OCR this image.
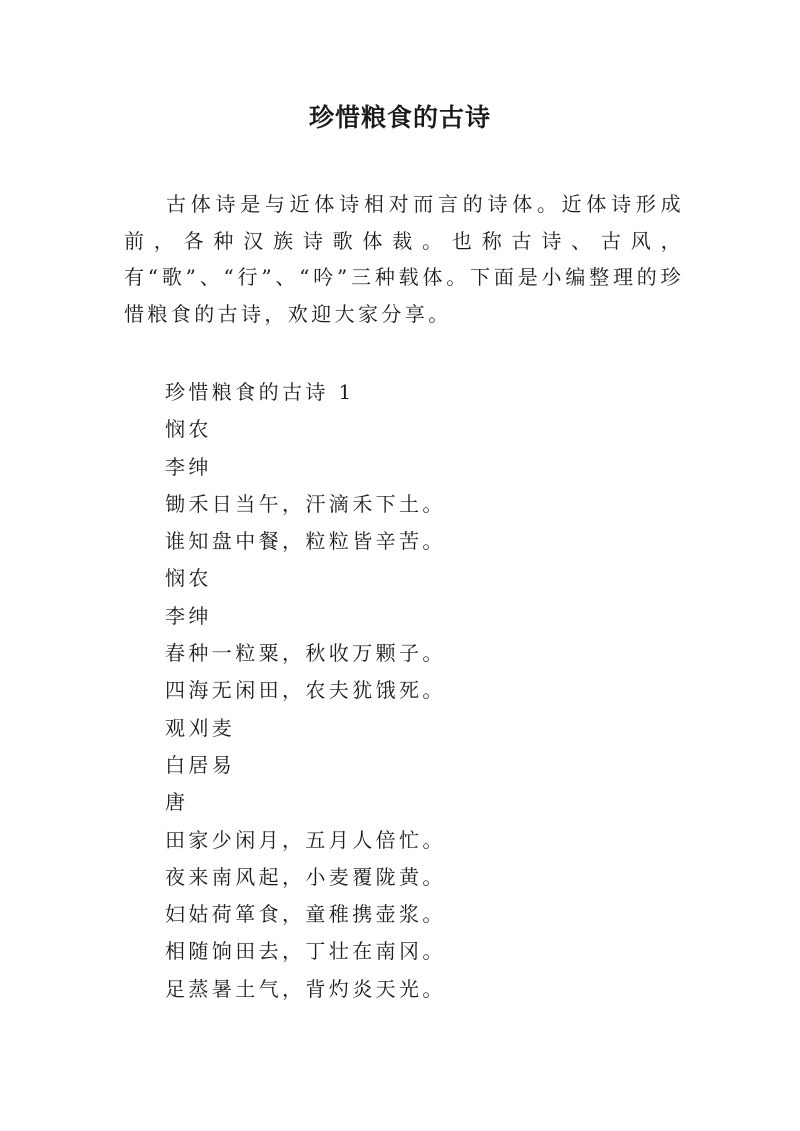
珍惜粮食的古诗

古体诗是与近体诗相对而言的诗体。近体诗形成前，各种汉族诗歌体裁。也称古诗、古风，有“歌”、“行”、“吟”三种载体。下面是小编整理的珍惜粮食的古诗，欢迎大家分享。

珍惜粮食的古诗 1
悯农
李绅
锄禾日当午，汗滴禾下土。
谁知盘中餐，粒粒皆辛苦。
悯农
李绅
春种一粒粟，秋收万颗子。
四海无闲田，农夫犹饿死。
观刈麦
白居易
唐
田家少闲月，五月人倍忙。
夜来南风起，小麦覆陇黄。
妇姑荷箪食，童稚携壶浆。
相随饷田去，丁壮在南冈。
足蒸暑土气，背灼炎天光。
